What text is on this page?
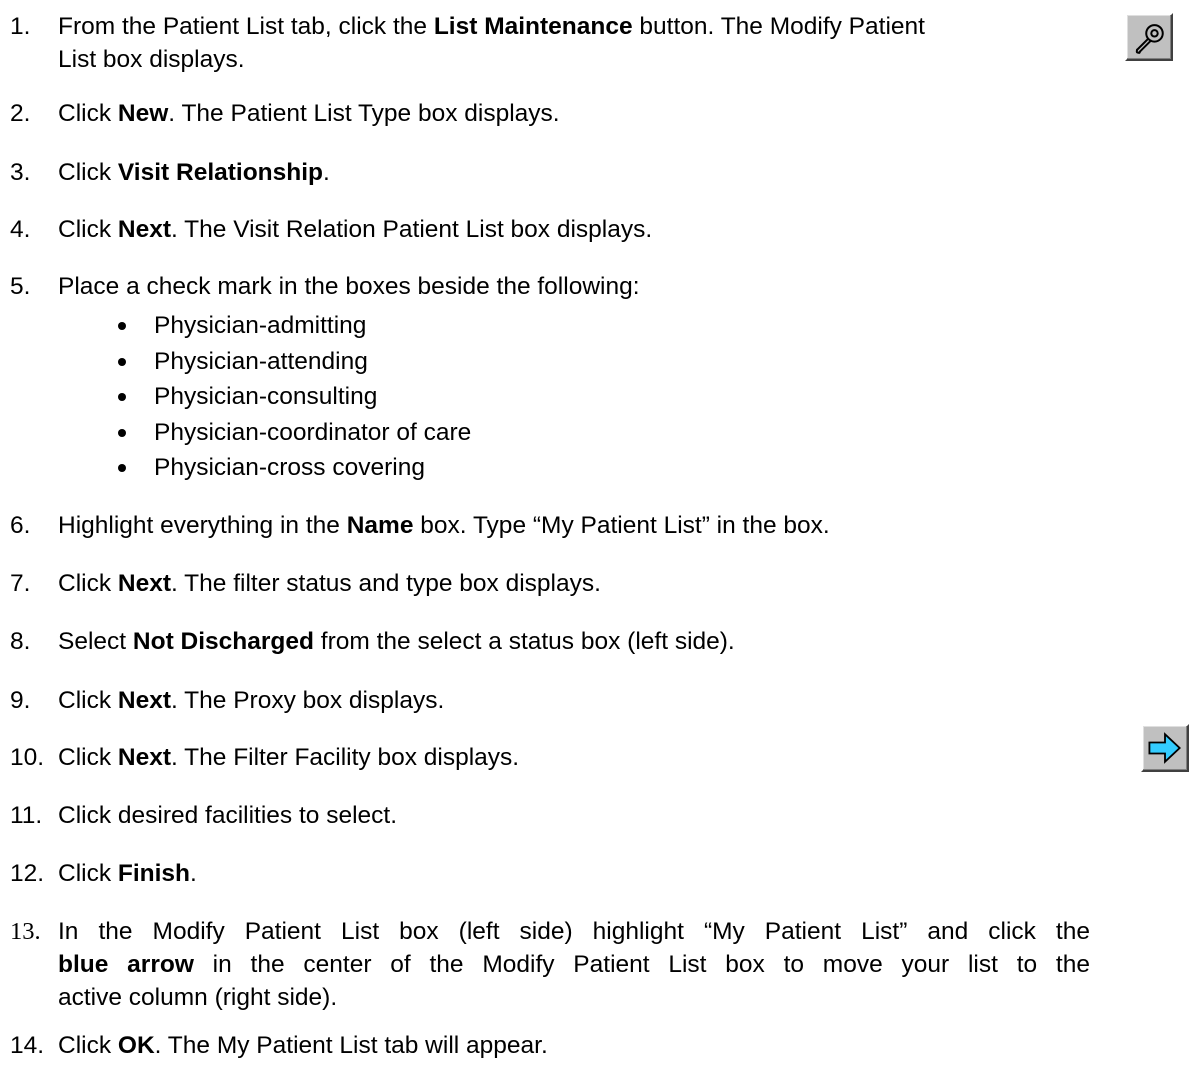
1. From the Patient List tab, click the List Maintenance button. The Modify Patient
List box displays.
2. Click New. The Patient List Type box displays.
3. Click Visit Relationship.
4. Click Next. The Visit Relation Patient List box displays.
5. Place a check mark in the boxes beside the following:
Physician-admitting
Physician-attending
Physician-consulting
Physician-coordinator of care
Physician-cross covering
6. Highlight everything in the Name box. Type “My Patient List” in the box.
7. Click Next. The filter status and type box displays.
8. Select Not Discharged from the select a status box (left side).
9. Click Next. The Proxy box displays.
10. Click Next. The Filter Facility box displays.
11. Click desired facilities to select.
12. Click Finish.
13. In the Modify Patient List box (left side) highlight “My Patient List” and click the
blue arrow in the center of the Modify Patient List box to move your list to the
active column (right side).
14. Click OK. The My Patient List tab will appear.
